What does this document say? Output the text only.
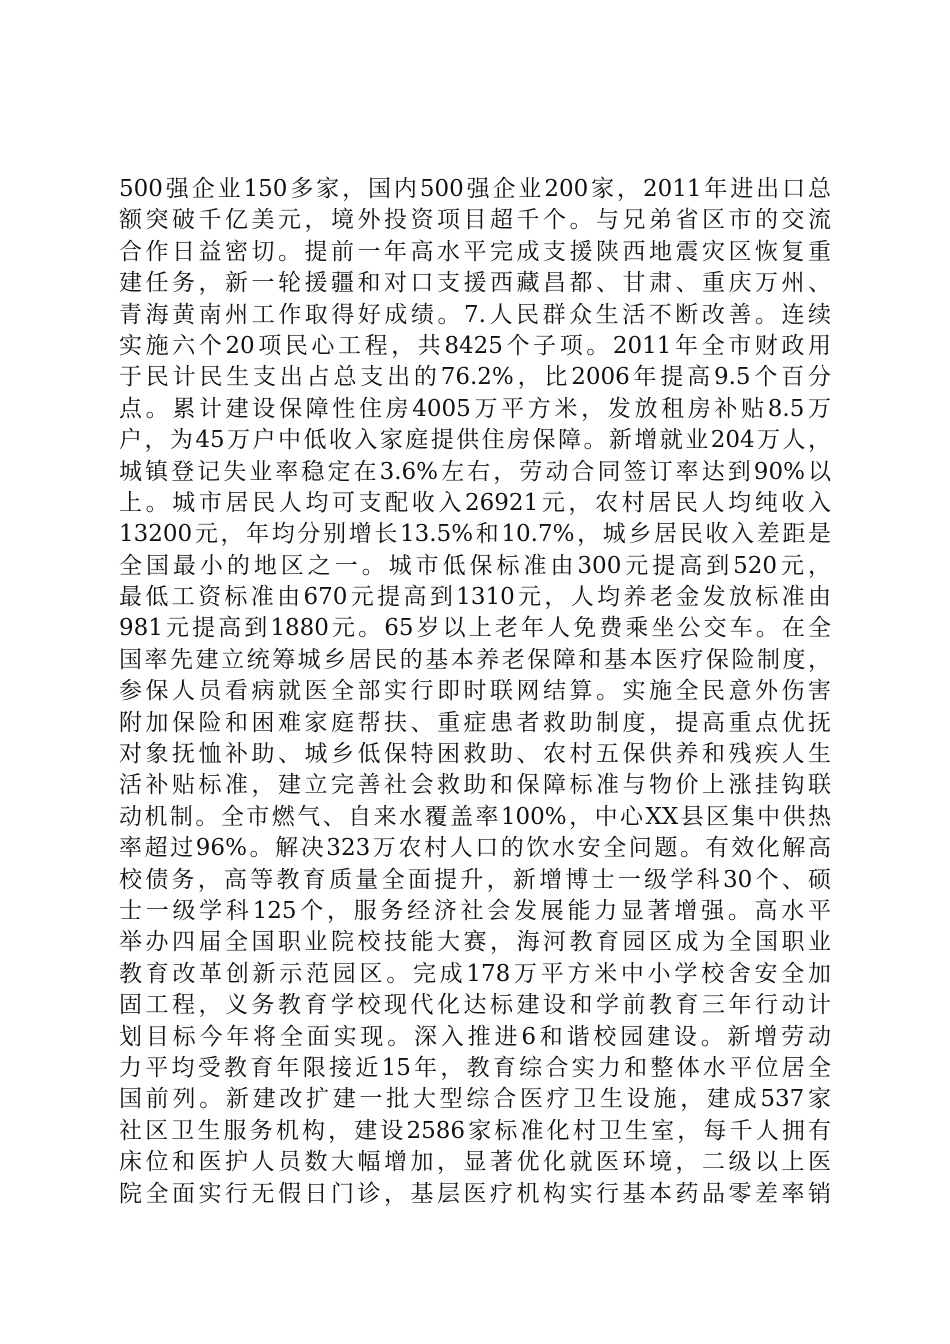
500强企业150多家，国内500强企业200家，2011年进出口总
额突破千亿美元，境外投资项目超千个。与兄弟省区市的交流
合作日益密切。提前一年高水平完成支援陕西地震灾区恢复重
建任务，新一轮援疆和对口支援西藏昌都、甘肃、重庆万州、
青海黄南州工作取得好成绩。7.人民群众生活不断改善。连续
实施六个20项民心工程，共8425个子项。2011年全市财政用
于民计民生支出占总支出的76.2%，比2006年提高9.5个百分
点。累计建设保障性住房4005万平方米，发放租房补贴8.5万
户，为45万户中低收入家庭提供住房保障。新增就业204万人，
城镇登记失业率稳定在3.6%左右，劳动合同签订率达到90%以
上。城市居民人均可支配收入26921元，农村居民人均纯收入
13200元，年均分别增长13.5%和10.7%，城乡居民收入差距是
全国最小的地区之一。城市低保标准由300元提高到520元，
最低工资标准由670元提高到1310元，人均养老金发放标准由
981元提高到1880元。65岁以上老年人免费乘坐公交车。在全
国率先建立统筹城乡居民的基本养老保障和基本医疗保险制度，
参保人员看病就医全部实行即时联网结算。实施全民意外伤害
附加保险和困难家庭帮扶、重症患者救助制度，提高重点优抚
对象抚恤补助、城乡低保特困救助、农村五保供养和残疾人生
活补贴标准，建立完善社会救助和保障标准与物价上涨挂钩联
动机制。全市燃气、自来水覆盖率100%，中心XX县区集中供热
率超过96%。解决323万农村人口的饮水安全问题。有效化解高
校债务，高等教育质量全面提升，新增博士一级学科30个、硕
士一级学科125个，服务经济社会发展能力显著增强。高水平
举办四届全国职业院校技能大赛，海河教育园区成为全国职业
教育改革创新示范园区。完成178万平方米中小学校舍安全加
固工程，义务教育学校现代化达标建设和学前教育三年行动计
划目标今年将全面实现。深入推进6和谐校园建设。新增劳动
力平均受教育年限接近15年，教育综合实力和整体水平位居全
国前列。新建改扩建一批大型综合医疗卫生设施，建成537家
社区卫生服务机构，建设2586家标准化村卫生室，每千人拥有
床位和医护人员数大幅增加，显著优化就医环境，二级以上医
院全面实行无假日门诊，基层医疗机构实行基本药品零差率销
